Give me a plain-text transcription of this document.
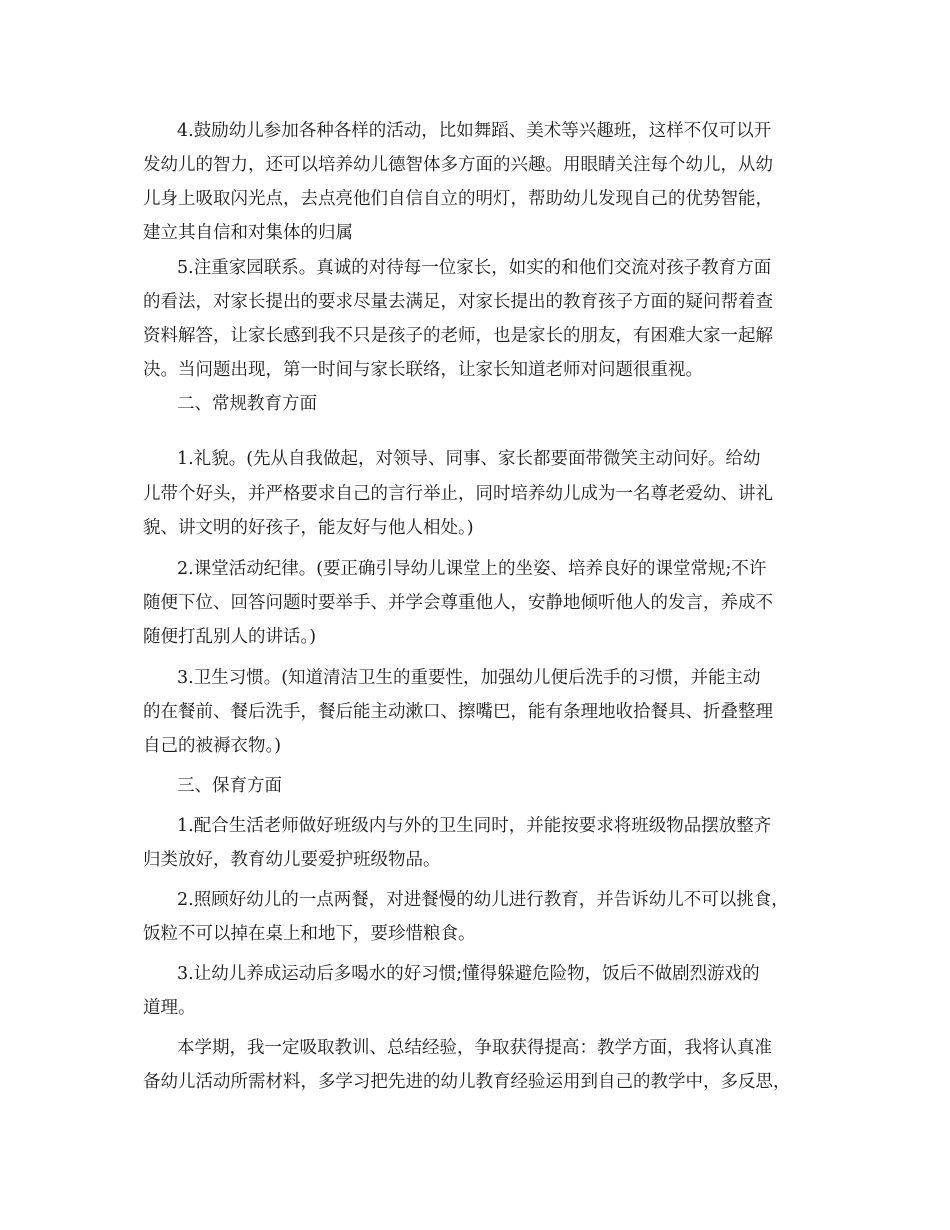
4.鼓励幼儿参加各种各样的活动，比如舞蹈、美术等兴趣班，这样不仅可以开

发幼儿的智力，还可以培养幼儿德智体多方面的兴趣。用眼睛关注每个幼儿，从幼

儿身上吸取闪光点，去点亮他们自信自立的明灯，帮助幼儿发现自己的优势智能，

建立其自信和对集体的归属

5.注重家园联系。真诚的对待每一位家长，如实的和他们交流对孩子教育方面

的看法，对家长提出的要求尽量去满足，对家长提出的教育孩子方面的疑问帮着查

资料解答，让家长感到我不只是孩子的老师，也是家长的朋友，有困难大家一起解

决。当问题出现，第一时间与家长联络，让家长知道老师对问题很重视。

二、常规教育方面

1.礼貌。(先从自我做起，对领导、同事、家长都要面带微笑主动问好。给幼

儿带个好头，并严格要求自己的言行举止，同时培养幼儿成为一名尊老爱幼、讲礼

貌、讲文明的好孩子，能友好与他人相处。)

2.课堂活动纪律。(要正确引导幼儿课堂上的坐姿、培养良好的课堂常规;不许

随便下位、回答问题时要举手、并学会尊重他人，安静地倾听他人的发言，养成不

随便打乱别人的讲话。)

3.卫生习惯。(知道清洁卫生的重要性，加强幼儿便后洗手的习惯，并能主动

的在餐前、餐后洗手，餐后能主动漱口、擦嘴巴，能有条理地收拾餐具、折叠整理

自己的被褥衣物。)

三、保育方面

1.配合生活老师做好班级内与外的卫生同时，并能按要求将班级物品摆放整齐

归类放好，教育幼儿要爱护班级物品。

2.照顾好幼儿的一点两餐，对进餐慢的幼儿进行教育，并告诉幼儿不可以挑食，

饭粒不可以掉在桌上和地下，要珍惜粮食。

3.让幼儿养成运动后多喝水的好习惯;懂得躲避危险物，饭后不做剧烈游戏的

道理。

本学期，我一定吸取教训、总结经验，争取获得提高：教学方面，我将认真准

备幼儿活动所需材料，多学习把先进的幼儿教育经验运用到自己的教学中，多反思，
